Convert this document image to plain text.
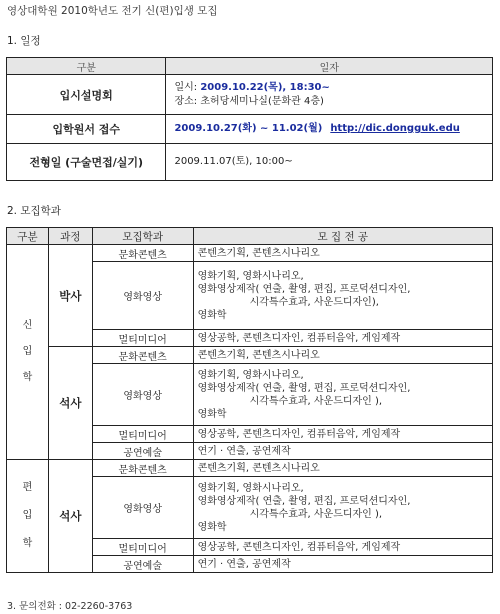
영상대학원 2010학년도 전기 신(편)입생 모집
1. 일정
구분	일자
입시설명회	일시: 2009.10.22(목), 18:30~
장소: 초허당세미나실(문화관 4층)

입학원서 접수	2009.10.27(화) ~ 11.02(월) http://dic.dongguk.edu
전형일 (구술면접/실기)	2009.11.07(토), 10:00~
2. 모집학과
구분	과정	모집학과	모 집 전 공

신
입
학	박사	문화콘텐츠	콘텐츠기획, 콘텐츠시나리오
		영화영상	영화기획, 영화시나리오,
영화영상제작( 연출, 촬영, 편집, 프로덕션디자인,
시각특수효과, 사운드디자인),
영화학

		멀티미디어	영상공학, 콘텐츠디자인, 컴퓨터음악, 게임제작
	석사	문화콘텐츠	콘텐츠기획, 콘텐츠시나리오
		영화영상	영화기획, 영화시나리오,
영화영상제작( 연출, 촬영, 편집, 프로덕션디자인,
시각특수효과, 사운드디자인 ),
영화학

		멀티미디어	영상공학, 콘텐츠디자인, 컴퓨터음악, 게임제작
		공연예술	연기 · 연출, 공연제작

편
입
학	석사	문화콘텐츠	콘텐츠기획, 콘텐츠시나리오
		영화영상	영화기획, 영화시나리오,
영화영상제작( 연출, 촬영, 편집, 프로덕션디자인,
시각특수효과, 사운드디자인 ),
영화학

		멀티미디어	영상공학, 콘텐츠디자인, 컴퓨터음악, 게임제작
		공연예술	연기 · 연출, 공연제작
3. 문의전화 : 02-2260-3763
